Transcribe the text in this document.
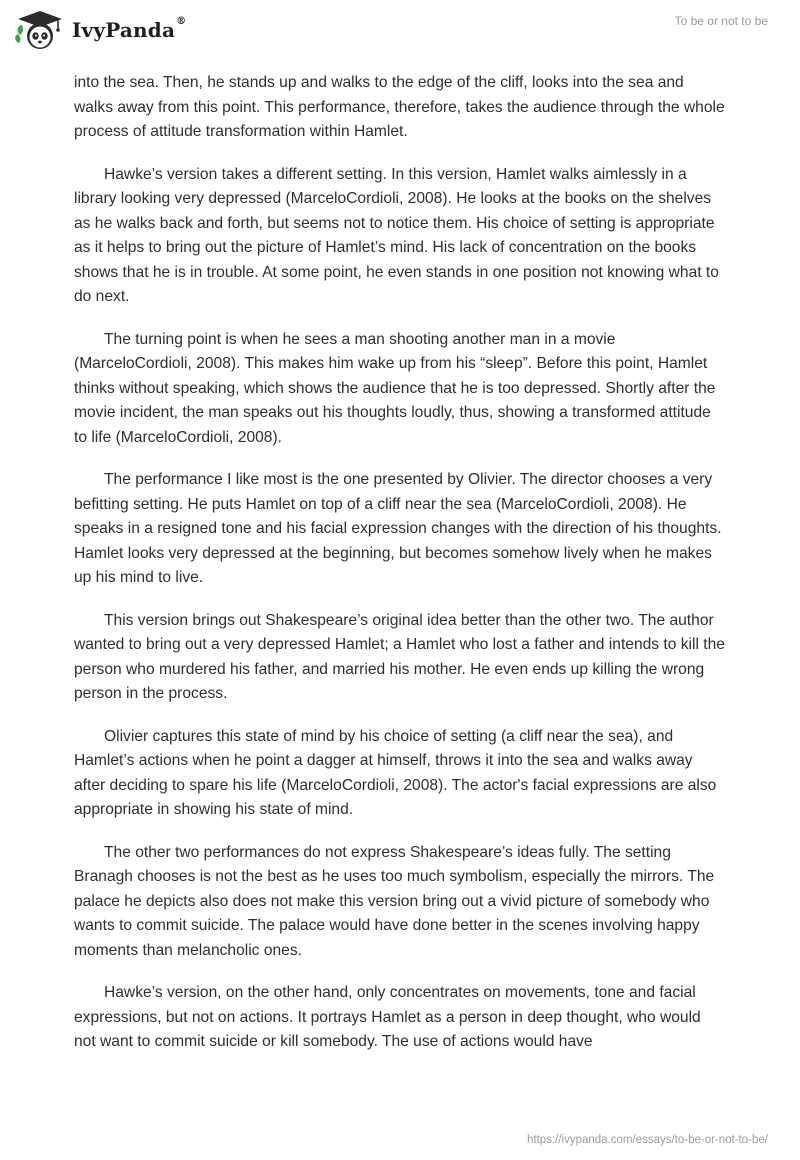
IvyPanda®	To be or not to be

into the sea. Then, he stands up and walks to the edge of the cliff, looks into the sea and walks away from this point. This performance, therefore, takes the audience through the whole process of attitude transformation within Hamlet.

Hawke’s version takes a different setting. In this version, Hamlet walks aimlessly in a library looking very depressed (MarceloCordioli, 2008). He looks at the books on the shelves as he walks back and forth, but seems not to notice them. His choice of setting is appropriate as it helps to bring out the picture of Hamlet’s mind. His lack of concentration on the books shows that he is in trouble. At some point, he even stands in one position not knowing what to do next.

The turning point is when he sees a man shooting another man in a movie (MarceloCordioli, 2008). This makes him wake up from his “sleep”. Before this point, Hamlet thinks without speaking, which shows the audience that he is too depressed. Shortly after the movie incident, the man speaks out his thoughts loudly, thus, showing a transformed attitude to life (MarceloCordioli, 2008).

The performance I like most is the one presented by Olivier. The director chooses a very befitting setting. He puts Hamlet on top of a cliff near the sea (MarceloCordioli, 2008). He speaks in a resigned tone and his facial expression changes with the direction of his thoughts. Hamlet looks very depressed at the beginning, but becomes somehow lively when he makes up his mind to live.

This version brings out Shakespeare’s original idea better than the other two. The author wanted to bring out a very depressed Hamlet; a Hamlet who lost a father and intends to kill the person who murdered his father, and married his mother. He even ends up killing the wrong person in the process.

Olivier captures this state of mind by his choice of setting (a cliff near the sea), and Hamlet’s actions when he point a dagger at himself, throws it into the sea and walks away after deciding to spare his life (MarceloCordioli, 2008). The actor's facial expressions are also appropriate in showing his state of mind.

The other two performances do not express Shakespeare’s ideas fully. The setting Branagh chooses is not the best as he uses too much symbolism, especially the mirrors. The palace he depicts also does not make this version bring out a vivid picture of somebody who wants to commit suicide. The palace would have done better in the scenes involving happy moments than melancholic ones.

Hawke’s version, on the other hand, only concentrates on movements, tone and facial expressions, but not on actions. It portrays Hamlet as a person in deep thought, who would not want to commit suicide or kill somebody. The use of actions would have

https://ivypanda.com/essays/to-be-or-not-to-be/
